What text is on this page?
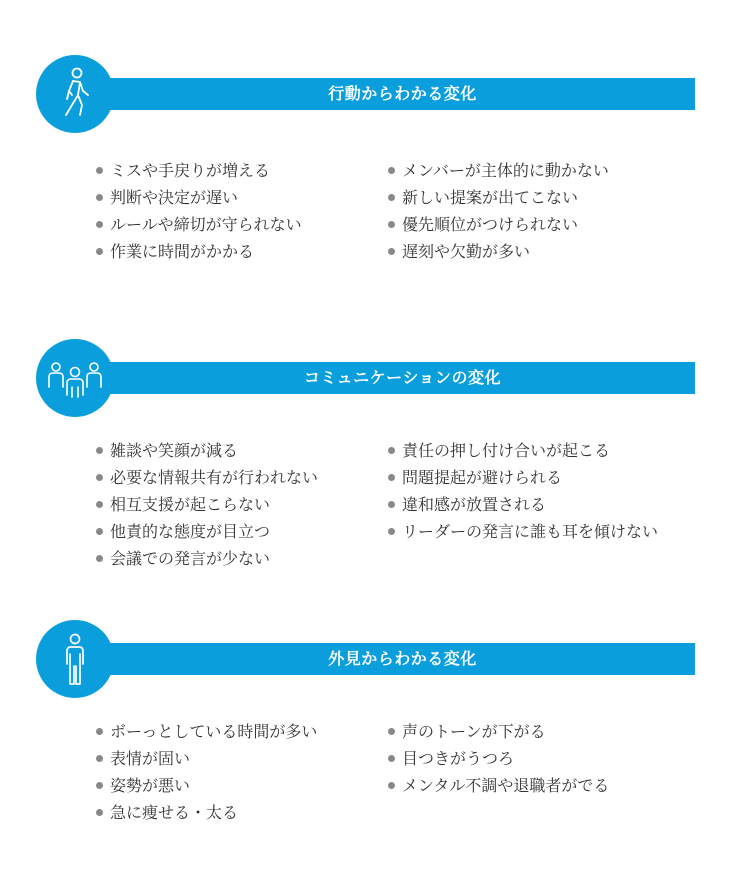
行動からわかる変化
ミスや手戻りが増える
判断や決定が遅い
ルールや締切が守られない
作業に時間がかかる
メンバーが主体的に動かない
新しい提案が出てこない
優先順位がつけられない
遅刻や欠勤が多い
コミュニケーションの変化
雑談や笑顔が減る
必要な情報共有が行われない
相互支援が起こらない
他責的な態度が目立つ
会議での発言が少ない
責任の押し付け合いが起こる
問題提起が避けられる
違和感が放置される
リーダーの発言に誰も耳を傾けない
外見からわかる変化
ボーっとしている時間が多い
表情が固い
姿勢が悪い
急に痩せる・太る
声のトーンが下がる
目つきがうつろ
メンタル不調や退職者がでる
